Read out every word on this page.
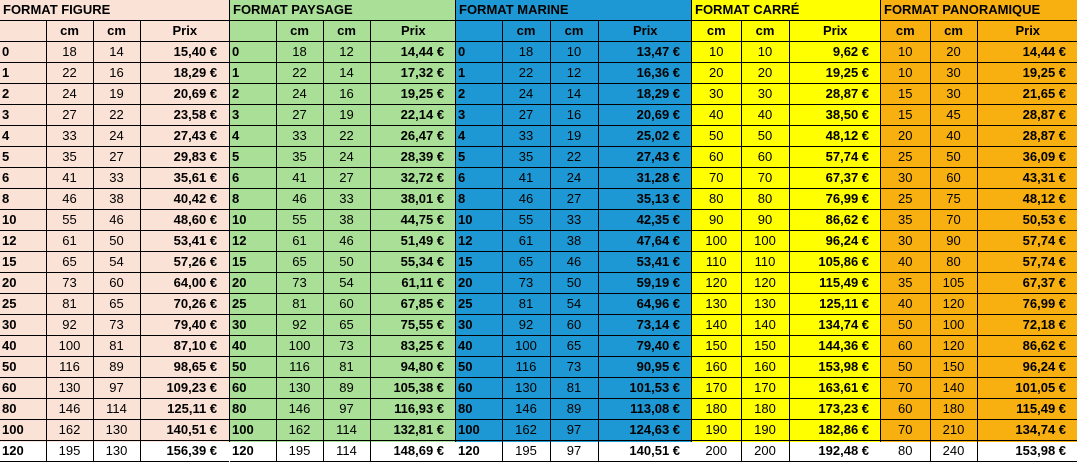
FORMAT FIGURE			
	cm	cm	Prix
0	18	14	15,40 €
1	22	16	18,29 €
2	24	19	20,69 €
3	27	22	23,58 €
4	33	24	27,43 €
5	35	27	29,83 €
6	41	33	35,61 €
8	46	38	40,42 €
10	55	46	48,60 €
12	61	50	53,41 €
15	65	54	57,26 €
20	73	60	64,00 €
25	81	65	70,26 €
30	92	73	79,40 €
40	100	81	87,10 €
50	116	89	98,65 €
60	130	97	109,23 €
80	146	114	125,11 €
100	162	130	140,51 €
120	195	130	156,39 €
FORMAT PAYSAGE			
	cm	cm	Prix
0	18	12	14,44 €
1	22	14	17,32 €
2	24	16	19,25 €
3	27	19	22,14 €
4	33	22	26,47 €
5	35	24	28,39 €
6	41	27	32,72 €
8	46	33	38,01 €
10	55	38	44,75 €
12	61	46	51,49 €
15	65	50	55,34 €
20	73	54	61,11 €
25	81	60	67,85 €
30	92	65	75,55 €
40	100	73	83,25 €
50	116	81	94,80 €
60	130	89	105,38 €
80	146	97	116,93 €
100	162	114	132,81 €
120	195	114	148,69 €
FORMAT MARINE			
	cm	cm	Prix
0	18	10	13,47 €
1	22	12	16,36 €
2	24	14	18,29 €
3	27	16	20,69 €
4	33	19	25,02 €
5	35	22	27,43 €
6	41	24	31,28 €
8	46	27	35,13 €
10	55	33	42,35 €
12	61	38	47,64 €
15	65	46	53,41 €
20	73	50	59,19 €
25	81	54	64,96 €
30	92	60	73,14 €
40	100	65	79,40 €
50	116	73	90,95 €
60	130	81	101,53 €
80	146	89	113,08 €
100	162	97	124,63 €
120	195	97	140,51 €
FORMAT CARRÉ		
cm	cm	Prix
10	10	9,62 €
20	20	19,25 €
30	30	28,87 €
40	40	38,50 €
50	50	48,12 €
60	60	57,74 €
70	70	67,37 €
80	80	76,99 €
90	90	86,62 €
100	100	96,24 €
110	110	105,86 €
120	120	115,49 €
130	130	125,11 €
140	140	134,74 €
150	150	144,36 €
160	160	153,98 €
170	170	163,61 €
180	180	173,23 €
190	190	182,86 €
200	200	192,48 €
FORMAT PANORAMIQUE		
cm	cm	Prix
10	20	14,44 €
10	30	19,25 €
15	30	21,65 €
15	45	28,87 €
20	40	28,87 €
25	50	36,09 €
30	60	43,31 €
25	75	48,12 €
35	70	50,53 €
30	90	57,74 €
40	80	57,74 €
35	105	67,37 €
40	120	76,99 €
50	100	72,18 €
60	120	86,62 €
50	150	96,24 €
70	140	101,05 €
60	180	115,49 €
70	210	134,74 €
80	240	153,98 €
